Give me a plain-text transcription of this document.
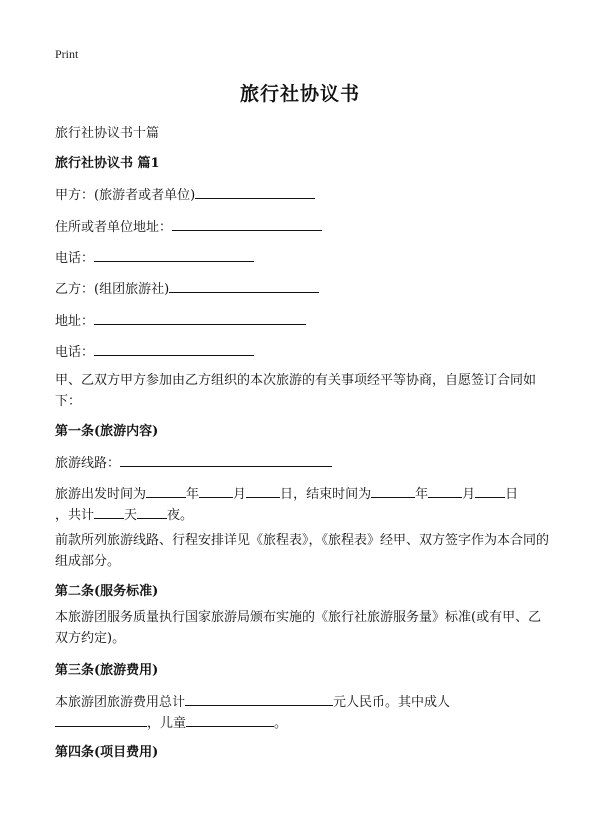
Print
旅行社协议书
旅行社协议书十篇
旅行社协议书 篇1
甲方：(旅游者或者单位)
住所或者单位地址：
电话：
乙方：(组团旅游社)
地址：
电话：
甲、乙双方甲方参加由乙方组织的本次旅游的有关事项经平等协商，自愿签订合同如下：
第一条(旅游内容)
旅游线路：
旅游出发时间为	年	月	日，结束时间为	年	月 日
，共计 天 夜。
前款所列旅游线路、行程安排详见《旅程表》，《旅程表》经甲、双方签字作为本合同的组成部分。
第二条(服务标准)
本旅游团服务质量执行国家旅游局颁布实施的《旅行社旅游服务量》标准(或有甲、乙双方约定)。
第三条(旅游费用)
本旅游团旅游费用总计	元人民币。其中成人
，儿童	。
第四条(项目费用)
